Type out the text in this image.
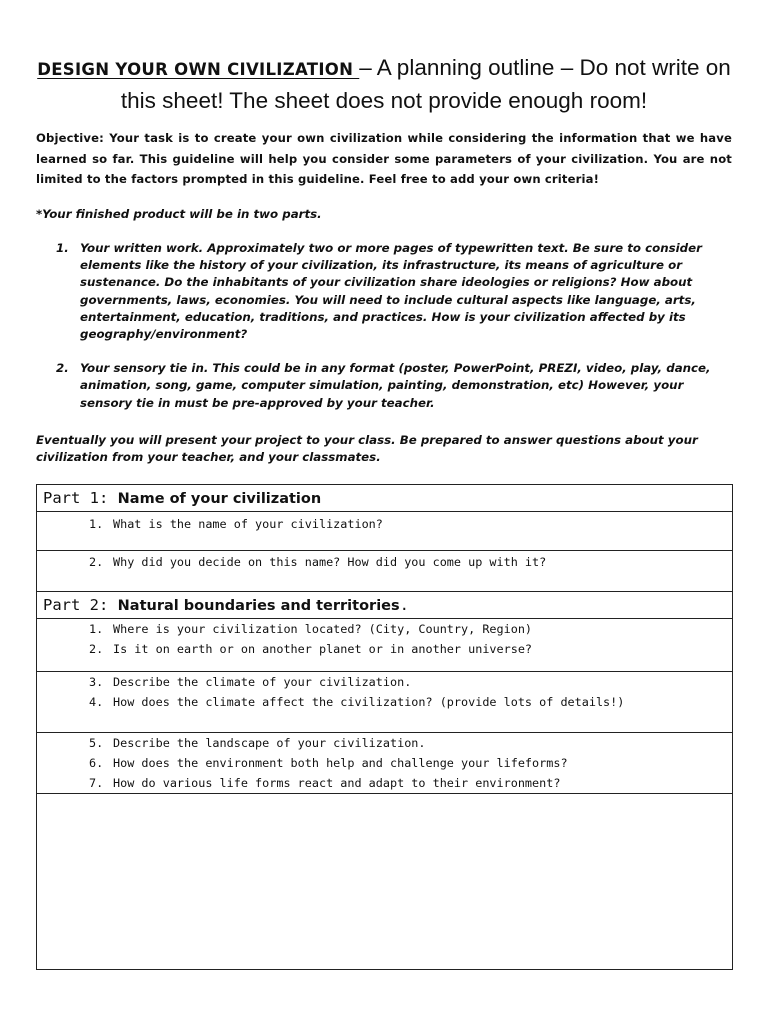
DESIGN YOUR OWN CIVILIZATION – A planning outline – Do not write on this sheet! The sheet does not provide enough room!
Objective: Your task is to create your own civilization while considering the information that we have learned so far. This guideline will help you consider some parameters of your civilization. You are not limited to the factors prompted in this guideline. Feel free to add your own criteria!
*Your finished product will be in two parts.
1. Your written work. Approximately two or more pages of typewritten text. Be sure to consider elements like the history of your civilization, its infrastructure, its means of agriculture or sustenance. Do the inhabitants of your civilization share ideologies or religions? How about governments, laws, economies. You will need to include cultural aspects like language, arts, entertainment, education, traditions, and practices. How is your civilization affected by its geography/environment?
2. Your sensory tie in. This could be in any format (poster, PowerPoint, PREZI, video, play, dance, animation, song, game, computer simulation, painting, demonstration, etc) However, your sensory tie in must be pre-approved by your teacher.
Eventually you will present your project to your class. Be prepared to answer questions about your civilization from your teacher, and your classmates.
Part 1: Name of your civilization

1. What is the name of your civilization?

2. Why did you decide on this name? How did you come up with it?

Part 2: Natural boundaries and territories.

1. Where is your civilization located? (City, Country, Region)
2. Is it on earth or on another planet or in another universe?

3. Describe the climate of your civilization.
4. How does the climate affect the civilization? (provide lots of details!)

5. Describe the landscape of your civilization.
6. How does the environment both help and challenge your lifeforms?
7. How do various life forms react and adapt to their environment?
